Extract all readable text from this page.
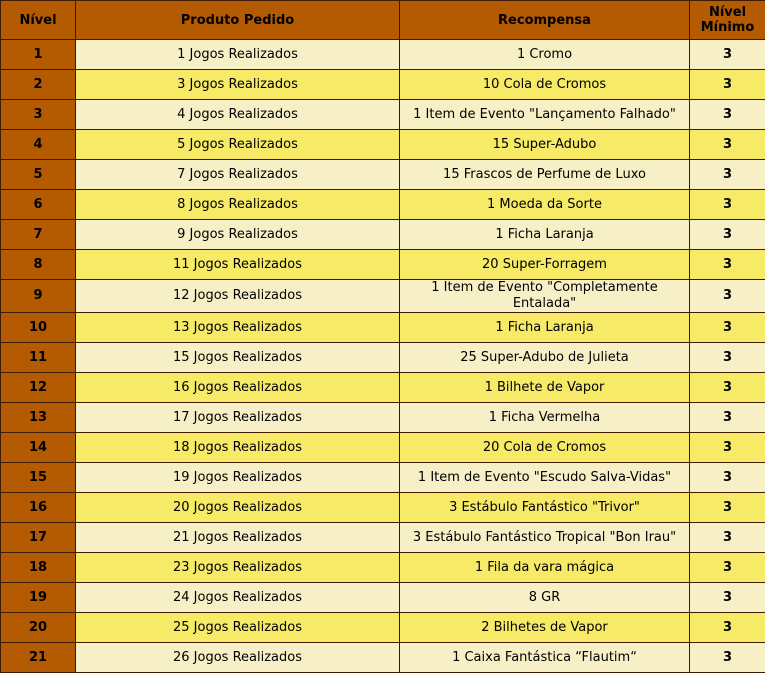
Nível	Produto Pedido	Recompensa	Nível Mínimo
1	1 Jogos Realizados	1 Cromo	3
2	3 Jogos Realizados	10 Cola de Cromos	3
3	4 Jogos Realizados	1 Item de Evento "Lançamento Falhado"	3
4	5 Jogos Realizados	15 Super-Adubo	3
5	7 Jogos Realizados	15 Frascos de Perfume de Luxo	3
6	8 Jogos Realizados	1 Moeda da Sorte	3
7	9 Jogos Realizados	1 Ficha Laranja	3
8	11 Jogos Realizados	20 Super-Forragem	3
9	12 Jogos Realizados	1 Item de Evento "Completamente Entalada"	3
10	13 Jogos Realizados	1 Ficha Laranja	3
11	15 Jogos Realizados	25 Super-Adubo de Julieta	3
12	16 Jogos Realizados	1 Bilhete de Vapor	3
13	17 Jogos Realizados	1 Ficha Vermelha	3
14	18 Jogos Realizados	20 Cola de Cromos	3
15	19 Jogos Realizados	1 Item de Evento "Escudo Salva-Vidas"	3
16	20 Jogos Realizados	3 Estábulo Fantástico "Trivor"	3
17	21 Jogos Realizados	3 Estábulo Fantástico Tropical "Bon Irau"	3
18	23 Jogos Realizados	1 Fila da vara mágica	3
19	24 Jogos Realizados	8 GR	3
20	25 Jogos Realizados	2 Bilhetes de Vapor	3
21	26 Jogos Realizados	1 Caixa Fantástica “Flautim“	3
